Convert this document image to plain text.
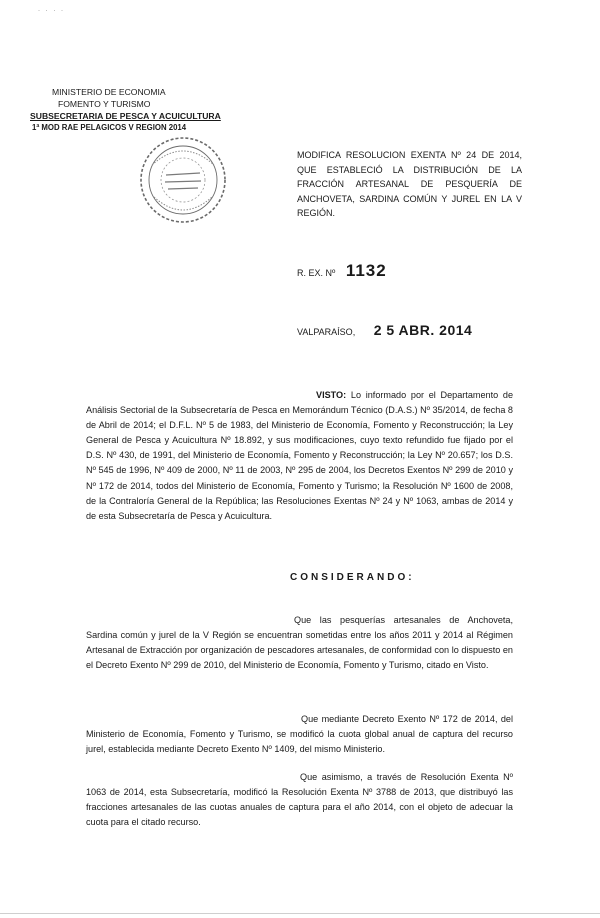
· · · ·
MINISTERIO DE ECONOMIA
FOMENTO Y TURISMO
SUBSECRETARIA DE PESCA Y ACUICULTURA
1ª MOD RAE PELAGICOS V REGION 2014
MODIFICA RESOLUCION EXENTA Nº 24 DE 2014, QUE ESTABLECIÓ LA DISTRIBUCIÓN DE LA FRACCIÓN ARTESANAL DE PESQUERÍA DE ANCHOVETA, SARDINA COMÚN Y JUREL EN LA V REGIÓN.
R. EX. Nº 1132
VALPARAÍSO, 2 5 ABR. 2014
VISTO: Lo informado por el Departamento de Análisis Sectorial de la Subsecretaría de Pesca en Memorándum Técnico (D.A.S.) Nº 35/2014, de fecha 8 de Abril de 2014; el D.F.L. Nº 5 de 1983, del Ministerio de Economía, Fomento y Reconstrucción; la Ley General de Pesca y Acuicultura Nº 18.892, y sus modificaciones, cuyo texto refundido fue fijado por el D.S. Nº 430, de 1991, del Ministerio de Economía, Fomento y Reconstrucción; la Ley Nº 20.657; los D.S. Nº 545 de 1996, Nº 409 de 2000, Nº 11 de 2003, Nº 295 de 2004, los Decretos Exentos Nº 299 de 2010 y Nº 172 de 2014, todos del Ministerio de Economía, Fomento y Turismo; la Resolución Nº 1600 de 2008, de la Contraloría General de la República; las Resoluciones Exentas Nº 24 y Nº 1063, ambas de 2014 y de esta Subsecretaría de Pesca y Acuicultura.
CONSIDERANDO:
Que las pesquerías artesanales de Anchoveta, Sardina común y jurel de la V Región se encuentran sometidas entre los años 2011 y 2014 al Régimen Artesanal de Extracción por organización de pescadores artesanales, de conformidad con lo dispuesto en el Decreto Exento Nº 299 de 2010, del Ministerio de Economía, Fomento y Turismo, citado en Visto.
Que mediante Decreto Exento Nº 172 de 2014, del Ministerio de Economía, Fomento y Turismo, se modificó la cuota global anual de captura del recurso jurel, establecida mediante Decreto Exento Nº 1409, del mismo Ministerio.
Que asimismo, a través de Resolución Exenta Nº 1063 de 2014, esta Subsecretaría, modificó la Resolución Exenta Nº 3788 de 2013, que distribuyó las fracciones artesanales de las cuotas anuales de captura para el año 2014, con el objeto de adecuar la cuota para el citado recurso.
